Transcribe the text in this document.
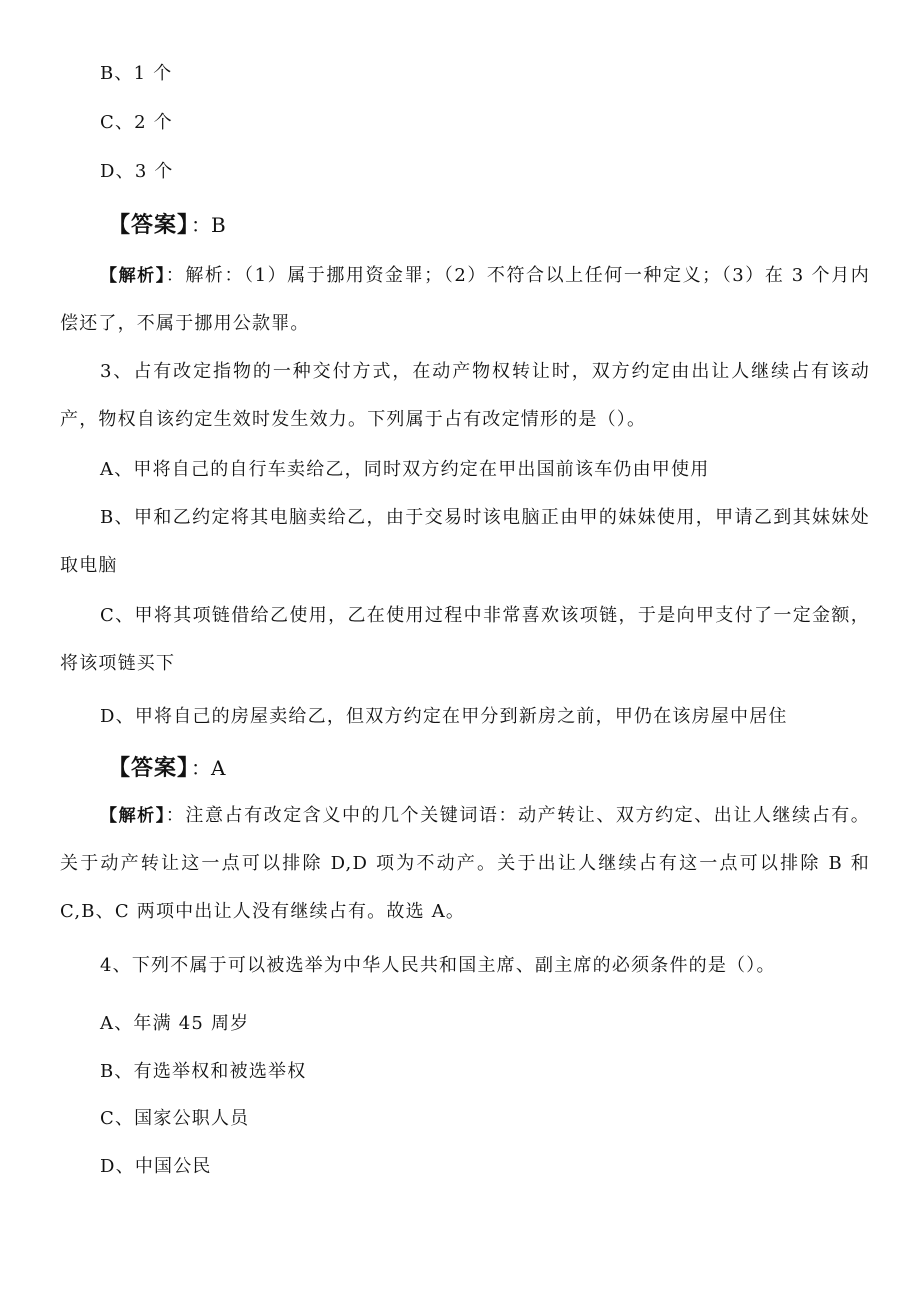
B、1 个
C、2 个
D、3 个
【答案】 ：B
【解析】：解析：（1）属于挪用资金罪；（2）不符合以上任何一种定义；（3）在 3 个月内偿还了，不属于挪用公款罪。
3、占有改定指物的一种交付方式，在动产物权转让时，双方约定由出让人继续占有该动产，物权自该约定生效时发生效力。下列属于占有改定情形的是（）。
A、甲将自己的自行车卖给乙，同时双方约定在甲出国前该车仍由甲使用
B、甲和乙约定将其电脑卖给乙，由于交易时该电脑正由甲的妹妹使用，甲请乙到其妹妹处取电脑
C、甲将其项链借给乙使用，乙在使用过程中非常喜欢该项链，于是向甲支付了一定金额，将该项链买下
D、甲将自己的房屋卖给乙，但双方约定在甲分到新房之前，甲仍在该房屋中居住
【答案】 ：A
【解析】：注意占有改定含义中的几个关键词语：动产转让、双方约定、出让人继续占有。关于动产转让这一点可以排除 D,D 项为不动产。关于出让人继续占有这一点可以排除 B 和 C,B、C 两项中出让人没有继续占有。故选 A。
4、下列不属于可以被选举为中华人民共和国主席、副主席的必须条件的是（）。
A、年满 45 周岁
B、有选举权和被选举权
C、国家公职人员
D、中国公民
